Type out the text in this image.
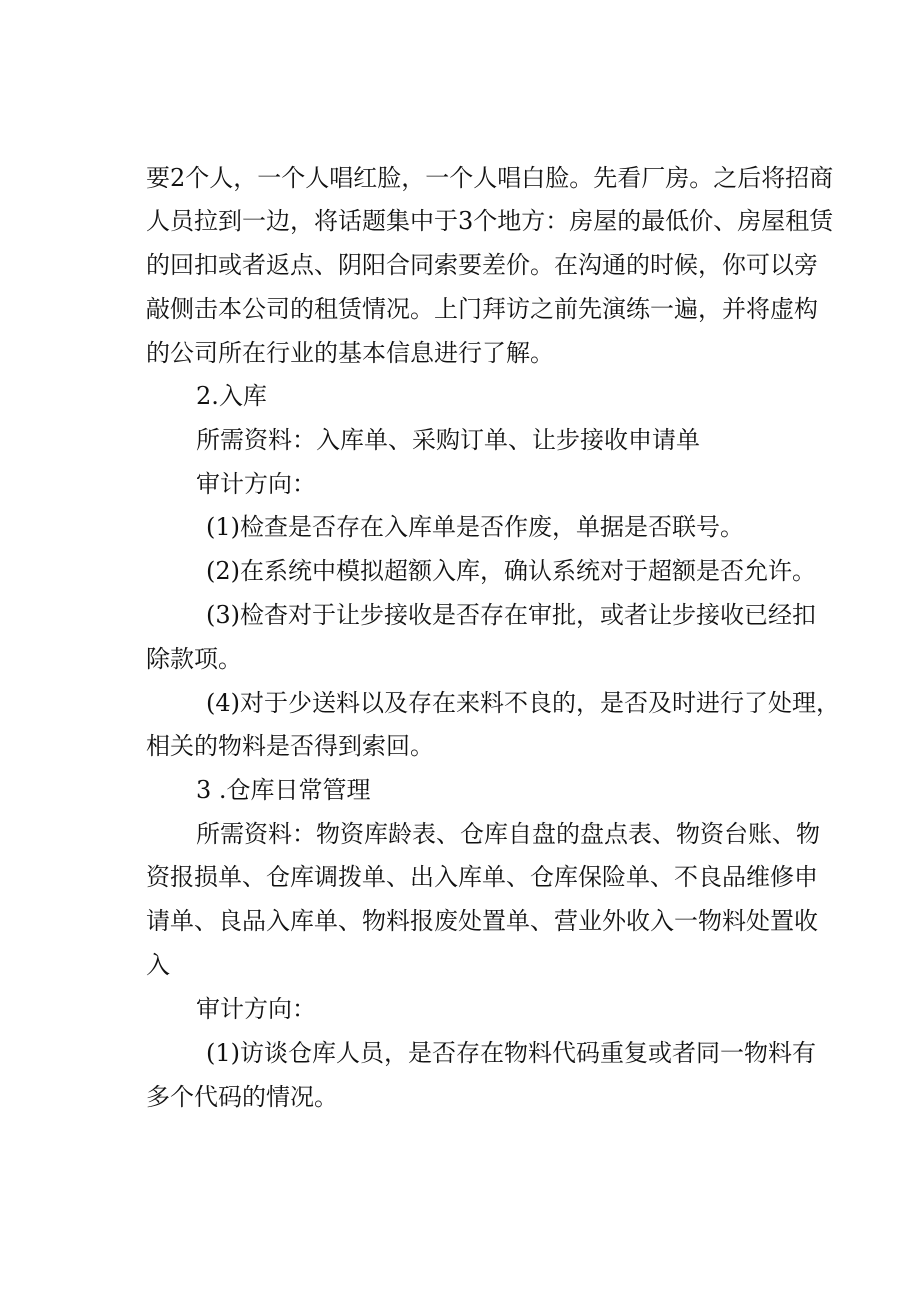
要2个人，一个人唱红脸，一个人唱白脸。先看厂房。之后将招商
人员拉到一边，将话题集中于3个地方：房屋的最低价、房屋租赁
的回扣或者返点、阴阳合同索要差价。在沟通的时候，你可以旁
敲侧击本公司的租赁情况。上门拜访之前先演练一遍，并将虚构
的公司所在行业的基本信息进行了解。
2.入库
所需资料：入库单、采购订单、让步接收申请单
审计方向：
(1)检查是否存在入库单是否作废，单据是否联号。
(2)在系统中模拟超额入库，确认系统对于超额是否允许。
(3)检杳对于让步接收是否存在审批，或者让步接收已经扣
除款项。
(4)对于少送料以及存在来料不良的，是否及时进行了处理，
相关的物料是否得到索回。
3 .仓库日常管理
所需资料：物资库龄表、仓库自盘的盘点表、物资台账、物
资报损单、仓库调拨单、出入库单、仓库保险单、不良品维修申
请单、良品入库单、物料报废处置单、营业外收入一物料处置收
入
审计方向：
(1)访谈仓库人员，是否存在物料代码重复或者同一物料有
多个代码的情况。
